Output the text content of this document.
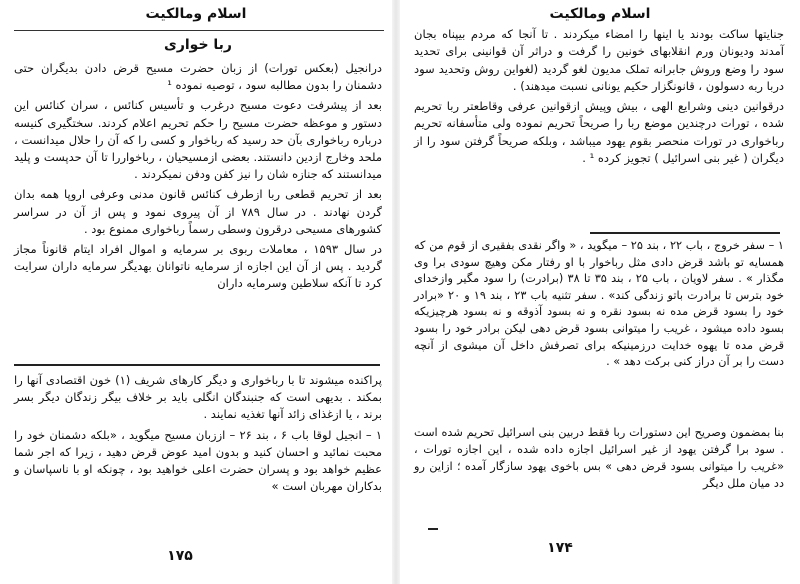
اسلام ومالکیت
ربا خواری

درانجیل (بعکس تورات) از زبان حضرت مسیح قرض دادن بدیگران حتی دشمنان را بدون مطالبه سود ، توصیه نموده ¹

بعد از پیشرفت دعوت مسیح درغرب و تأسیس کنائس ، سران کنائس این دستور و موعظه حضرت مسیح را حکم تحریم اعلام کردند. سختگیری کنیسه درباره رباخواری بآن حد رسید که رباخوار و کسی را که آن را حلال میدانست ، ملحد وخارج ازدین دانستند. بعضی ازمسیحیان ، رباخواررا تا آن حدپست و پلید میدانستند که جنازه شان را نیز کفن ودفن نمیکردند .

بعد از تحریم قطعی ربا ازطرف کنائس قانون مدنی وعرفی اروپا همه بدان گردن نهادند . در سال ۷۸۹ از آن پیروی نمود و پس از آن در سراسر کشورهای مسیحی درقرون وسطی رسماً رباخواری ممنوع بود .

در سال ۱۵۹۳ ، معاملات ربوی بر سرمایه و اموال افراد ایتام قانوناً مجاز گردید . پس از آن این اجازه از سرمایه ناتوانان بهدیگر سرمایه داران سرایت کرد تا آنکه سلاطین وسرمایه داران

پراکنده میشوند تا با رباخواری و دیگر کارهای شریف (۱) خون اقتصادی آنها را بمکند . بدیهی است که جنبندگان انگلی باید بر خلاف بیگر زندگان دیگر بسر برند ، یا ازغذای زائد آنها تغذیه نمایند .

۱ – انجیل لوقا باب ۶ ، بند ۲۶ – اززبان مسیح میگوید ، «بلکه دشمنان خود را محبت نمائید و احسان کنید و بدون امید عوض قرض دهید ، زیرا که اجر شما عظیم خواهد بود و پسران حضرت اعلی خواهید بود ، چونکه او با ناسپاسان و بدکاران مهربان است »

۱۷۵
اسلام ومالکیت

جنایتها ساکت بودند یا اینها را امضاء میکردند . تا آنجا که مردم بیپناه بجان آمدند ودیونان ورم انقلابهای خونین را گرفت و دراثر آن قوانینی برای تحدید سود را وضع وروش جابرانه تملک مدیون لغو گردید (لغواین روش وتحدید سود دربا ربه دسولون ، قانونگزار حکیم یونانی نسبت میدهند) .

درقوانین دینی وشرایع الهی ، بیش وپیش ازقوانین عرفی وقاطعتر ربا تحریم شده ، تورات درچندین موضع ربا را صریحاً تحریم نموده ولی متأسفانه تحریم رباخواری در تورات منحصر بقوم یهود میباشد ، وبلکه صریحاً گرفتن سود را از دیگران ( غیر بنی اسرائیل ) تجویز کرده ¹ .

۱ – سفر خروج ، باب ۲۲ ، بند ۲۵ – میگوید ، « واگر نقدی بفقیری از قوم من که همسایه تو باشد قرض دادی مثل رباخوار با او رفتار مکن وهیچ سودی برا وی مگذار » . سفر لاویان ، باب ۲۵ ، بند ۳۵ تا ۳۸ (برادرت) را سود مگیر وازخدای خود بترس تا برادرت باتو زندگی کند» . سفر تثنیه باب ۲۳ ، بند ۱۹ و ۲۰ «برادر خود را بسود قرض مده نه بسود نقره و نه بسود آذوقه و نه بسود هرچیزیکه بسود داده میشود ، غریب را میتوانی بسود قرض دهی لیکن برادر خود را بسود قرض مده تا یهوه خدایت درزمینیکه برای تصرفش داخل آن میشوی از آنچه دست را بر آن دراز کنی برکت دهد » .

بنا بمضمون وصریح این دستورات ربا فقط دربین بنی اسرائیل تحریم شده است . سود برا گرفتن یهود از غیر اسرائیل اجازه داده شده ، این اجازه تورات ، «غریب را میتوانی بسود قرض دهی » بس باخوی یهود سازگار آمده ؛ ازاین رو دد میان ملل دیگر

۱۷۴
